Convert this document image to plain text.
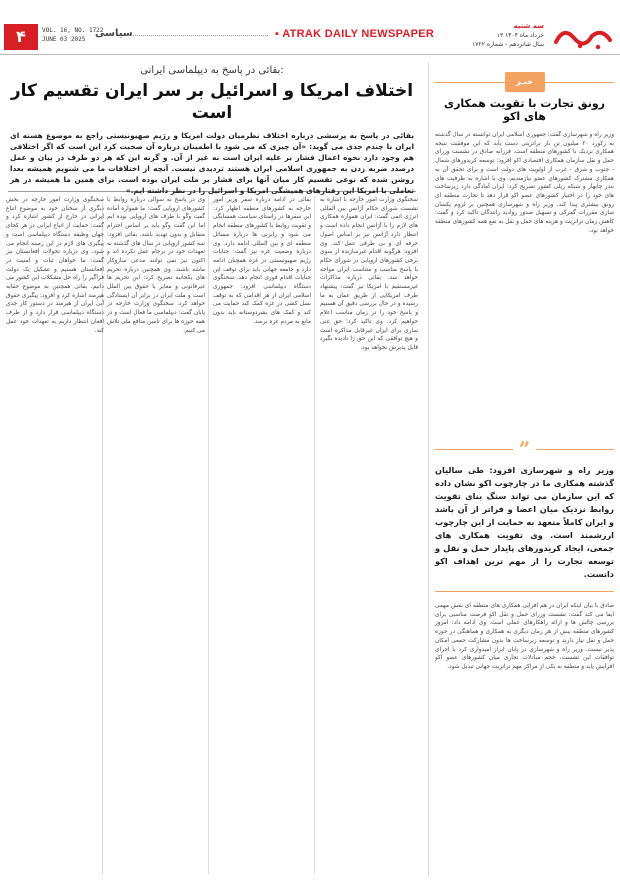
۴	VOL. 16, NO. 1722
JUNE 03 2025
سیاسی	▪ ATRAK DAILY NEWSPAPER
سه شنبه
۱۳ خرداد ماه ۱۴۰۴
سال شانزدهم - شماره ۱۷۲۲
بقائی در پاسخ به دیپلماسی ایرانی:
اختلاف امریکا و اسرائیل بر سر ایران تقسیم کار است
بقائی در پاسخ به پرسشی درباره اختلاف نظرمیان دولت امریکا و رژیم صهیونیستی راجع به موضوع هسته ای ایران با چندم جدی می گوید: «آن چیزی که می شود با اطمینان درباره آن صحبت کرد این است که اگر اختلافی هم وجود دارد نحوه اعمال فشار بر علیه ایران است نه غیر از آن. و گرنه این که هر دو طرف در بیان و عمل درصدد ضربه زدن به جمهوری اسلامی ایران هستند تردیدی نیست. آنچه از اختلافات ما می شنویم همیشه بعدا روشن شده که نوعی تقسیم کار میان آنها برای فشار بر ملت ایران بوده است. برای همین ما همیشه در هر تعاملی با امریکا این رفتارهای همیشگی امریکا و اسرائیل را در نظر داشته ایم.»
سخنگوی وزارت امور خارجه با اشاره به نشست شورای حکام آژانس بین المللی انرژی اتمی گفت: ایران همواره همکاری های لازم را با آژانس انجام داده است و انتظار دارد آژانس نیز بر اساس اصول حرفه ای و بی طرفی عمل کند. وی افزود: هرگونه اقدام غیرسازنده از سوی برخی کشورهای اروپایی در شورای حکام با پاسخ مناسب و متناسب ایران مواجه خواهد شد. بقائی درباره مذاکرات غیرمستقیم با امریکا نیز گفت: پیشنهاد طرف امریکایی از طریق عمان به ما رسیده و در حال بررسی دقیق آن هستیم و پاسخ خود را در زمان مناسب اعلام خواهیم کرد. وی تاکید کرد: حق غنی سازی برای ایران غیرقابل مذاکره است و هیچ توافقی که این حق را نادیده بگیرد قابل پذیرش نخواهد بود.
بقائی در ادامه درباره سفر وزیر امور خارجه به کشورهای منطقه اظهار کرد: این سفرها در راستای سیاست همسایگی و تقویت روابط با کشورهای منطقه انجام می شود و رایزنی ها درباره مسائل منطقه ای و بین المللی ادامه دارد. وی درباره وضعیت غزه نیز گفت: جنایات رژیم صهیونیستی در غزه همچنان ادامه دارد و جامعه جهانی باید برای توقف این جنایات اقدام فوری انجام دهد. سخنگوی دستگاه دیپلماسی افزود: جمهوری اسلامی ایران از هر اقدامی که به توقف نسل کشی در غزه کمک کند حمایت می کند و کمک های بشردوستانه باید بدون مانع به مردم غزه برسد.
وی در پاسخ به سوالی درباره روابط با کشورهای اروپایی گفت: ما همواره آماده گفت وگو با طرف های اروپایی بوده ایم اما این گفت وگو باید بر اساس احترام متقابل و بدون تهدید باشد. بقائی افزود: سه کشور اروپایی در سال های گذشته به تعهدات خود در برجام عمل نکرده اند و اکنون نیز نمی توانند مدعی سازوکار ماشه باشند. وی همچنین درباره تحریم های یکجانبه تصریح کرد: این تحریم ها غیرقانونی و مغایر با حقوق بین الملل است و ملت ایران در برابر آن ایستادگی خواهد کرد. سخنگوی وزارت خارجه در پایان گفت: دیپلماسی ما فعال است و در همه حوزه ها برای تامین منافع ملی تلاش می کنیم.
سخنگوی وزارت امور خارجه در بخش دیگری از سخنان خود به موضوع اتباع ایرانی در خارج از کشور اشاره کرد و گفت: حمایت از اتباع ایرانی در هر کجای جهان وظیفه دستگاه دیپلماسی است و پیگیری های لازم در این زمینه انجام می شود. وی درباره تحولات افغانستان نیز گفت: ما خواهان ثبات و امنیت در افغانستان هستیم و تشکیل یک دولت فراگیر را راه حل مشکلات این کشور می دانیم. بقائی همچنین به موضوع حقابه هیرمند اشاره کرد و افزود: پیگیری حقوق آبی ایران از هیرمند در دستور کار جدی دستگاه دیپلماسی قرار دارد و از طرف افغان انتظار داریم به تعهدات خود عمل کند.
خبـر
رونق تجارت با تقویت همکاری های اکو
وزیر راه و شهرسازی گفت: جمهوری اسلامی ایران توانسته در سال گذشته به رکورد ۲۰ میلیون تن بار ترانزیتی دست یابد که این موفقیت نتیجه همکاری نزدیک با کشورهای منطقه است. فرزانه صادق در نشست وزرای حمل و نقل سازمان همکاری اقتصادی اکو افزود: توسعه کریدورهای شمال - جنوب و شرق - غرب از اولویت های دولت است و برای تحقق آن به همکاری مشترک کشورهای عضو نیازمندیم. وی با اشاره به ظرفیت های بندر چابهار و شبکه ریلی کشور تصریح کرد: ایران آمادگی دارد زیرساخت های خود را در اختیار کشورهای عضو اکو قرار دهد تا تجارت منطقه ای رونق بیشتری پیدا کند. وزیر راه و شهرسازی همچنین بر لزوم یکسان سازی مقررات گمرکی و تسهیل صدور روادید رانندگان تاکید کرد و گفت: کاهش زمان ترانزیت و هزینه های حمل و نقل به نفع همه کشورهای منطقه خواهد بود.
”
وزیر راه و شهرسازی افزود: طی سالیان گذشته همکاری ما در چارچوب اکو نشان داده که این سازمان می تواند سنگ بنای تقویت روابط نزدیک میان اعضا و فراتر از آن باشد و ایران کاملاً متعهد به حمایت از این چارچوب ارزشمند است. وی تقویت همکاری های جمعی، ایجاد کریدورهای پایدار حمل و نقل و توسعه تجارت را از مهم ترین اهداف اکو دانست.
صادق با بیان اینکه ایران در هم افزایی همکاری های منطقه ای نقش مهمی ایفا می کند گفت: نشست وزرای حمل و نقل اکو فرصت مناسبی برای بررسی چالش ها و ارائه راهکارهای عملی است. وی ادامه داد: امروز کشورهای منطقه بیش از هر زمان دیگری به همکاری و هماهنگی در حوزه حمل و نقل نیاز دارند و توسعه زیرساخت ها بدون مشارکت جمعی امکان پذیر نیست. وزیر راه و شهرسازی در پایان ابراز امیدواری کرد با اجرای توافقات این نشست، حجم مبادلات تجاری میان کشورهای عضو اکو افزایش یابد و منطقه به یکی از مراکز مهم ترانزیت جهانی تبدیل شود.
